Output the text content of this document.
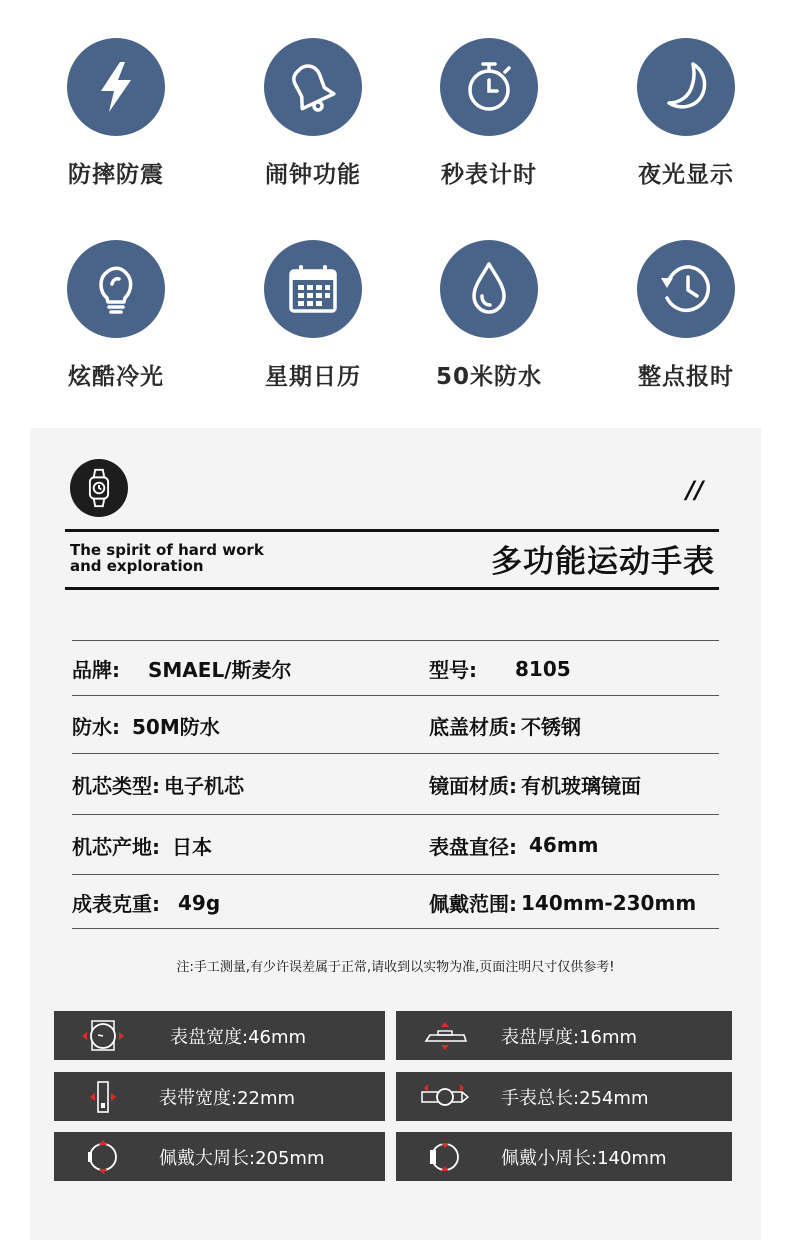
防摔防震	闹钟功能	秒表计时	夜光显示
炫酷冷光	星期日历	50米防水	整点报时
//
The spirit of hard work
and exploration	多功能运动手表
品牌: SMAEL/斯麦尔	型号: 8105
防水: 50M防水	底盖材质: 不锈钢
机芯类型: 电子机芯	镜面材质: 有机玻璃镜面
机芯产地: 日本	表盘直径: 46mm
成表克重: 49g	佩戴范围: 140mm-230mm
注:手工测量,有少许误差属于正常,请收到以实物为准,页面注明尺寸仅供参考!
表盘宽度:46mm	表盘厚度:16mm
表带宽度:22mm	手表总长:254mm
佩戴大周长:205mm	佩戴小周长:140mm
